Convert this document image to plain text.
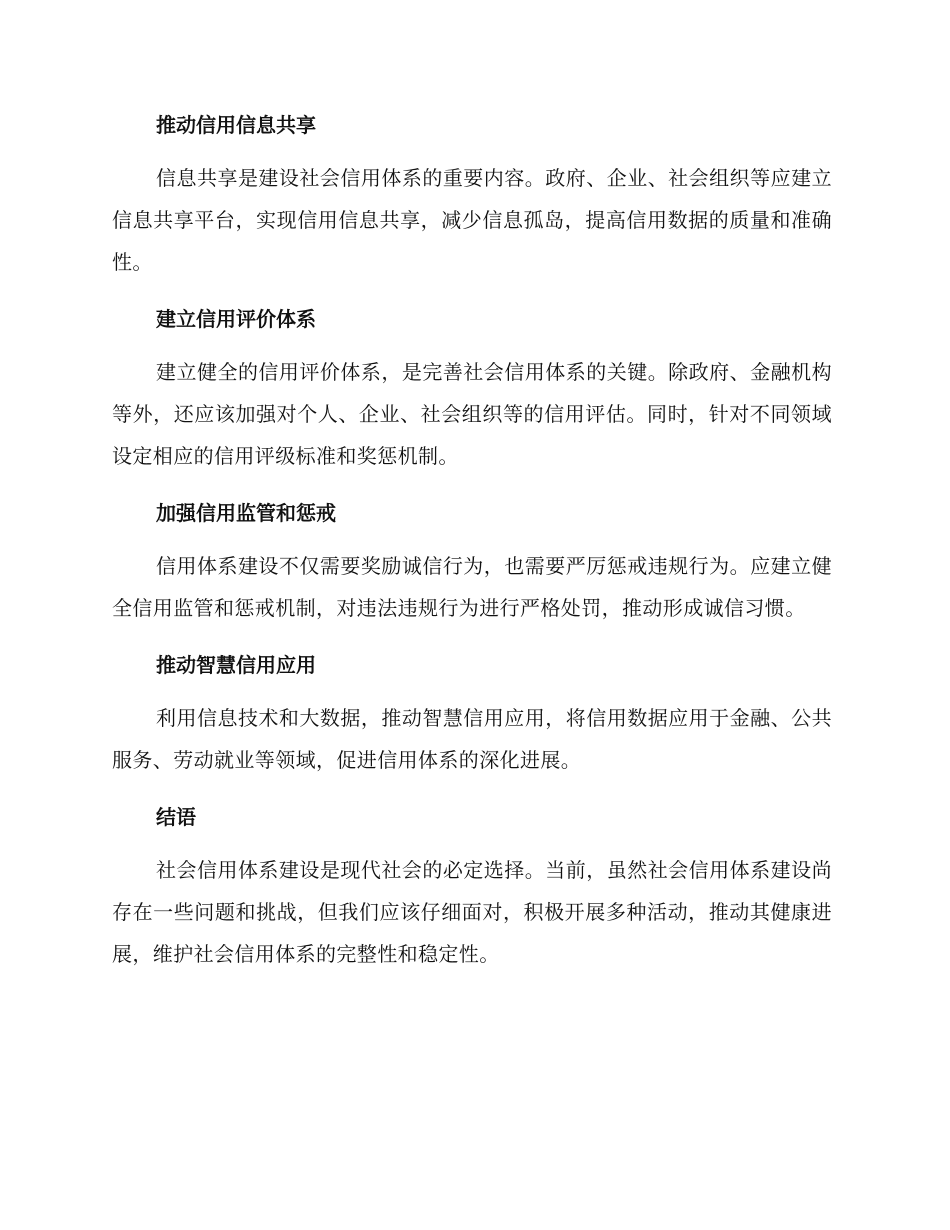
推动信用信息共享

信息共享是建设社会信用体系的重要内容。政府、企业、社会组织等应建立信息共享平台，实现信用信息共享，减少信息孤岛，提高信用数据的质量和准确性。

建立信用评价体系

建立健全的信用评价体系，是完善社会信用体系的关键。除政府、金融机构等外，还应该加强对个人、企业、社会组织等的信用评估。同时，针对不同领域设定相应的信用评级标准和奖惩机制。

加强信用监管和惩戒

信用体系建设不仅需要奖励诚信行为，也需要严厉惩戒违规行为。应建立健全信用监管和惩戒机制，对违法违规行为进行严格处罚，推动形成诚信习惯。

推动智慧信用应用

利用信息技术和大数据，推动智慧信用应用，将信用数据应用于金融、公共服务、劳动就业等领域，促进信用体系的深化进展。

结语

社会信用体系建设是现代社会的必定选择。当前，虽然社会信用体系建设尚存在一些问题和挑战，但我们应该仔细面对，积极开展多种活动，推动其健康进展，维护社会信用体系的完整性和稳定性。
